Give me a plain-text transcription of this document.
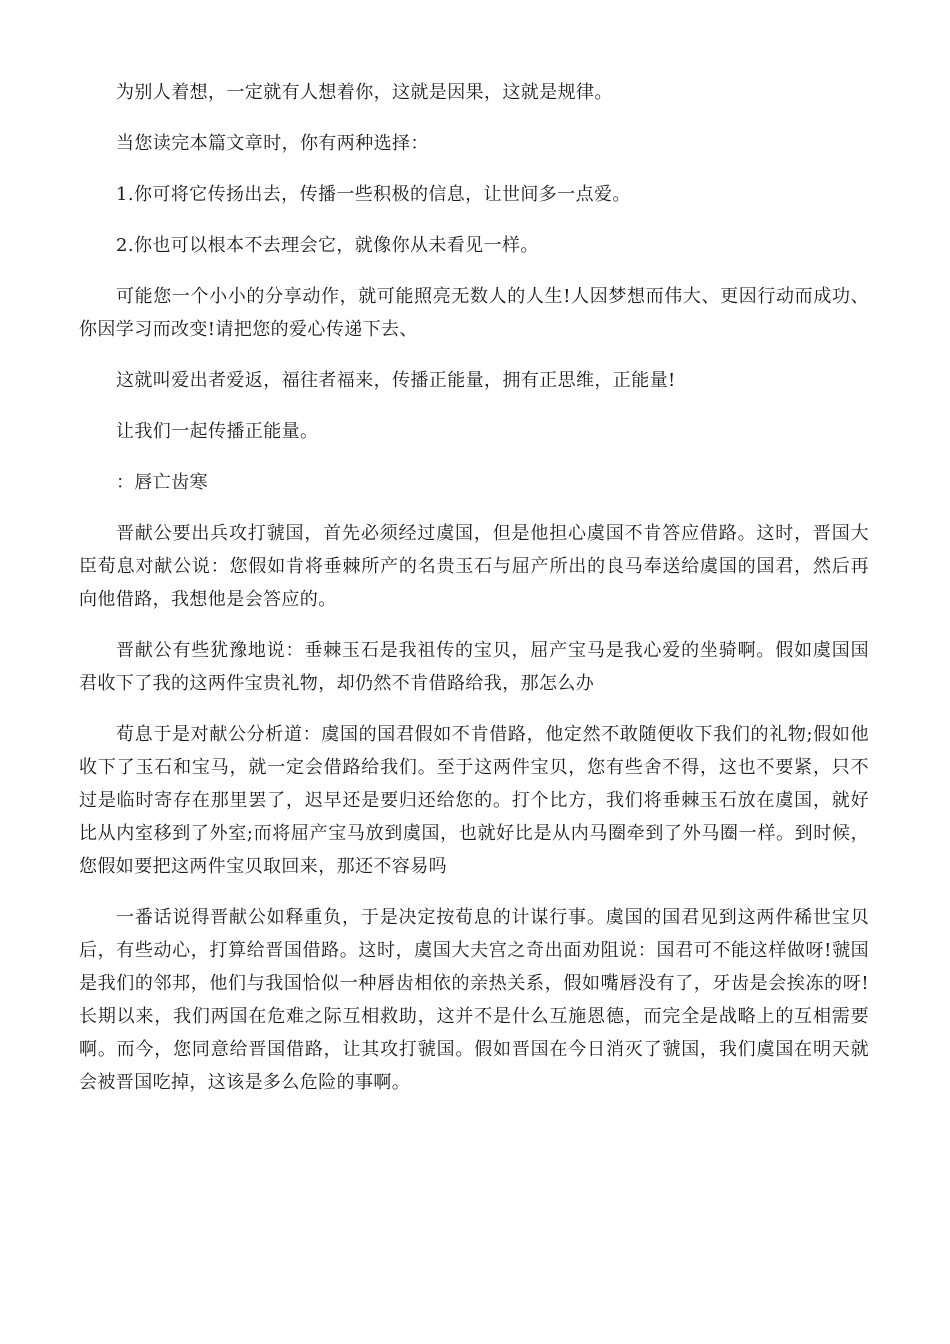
为别人着想，一定就有人想着你，这就是因果，这就是规律。

当您读完本篇文章时，你有两种选择：

1.你可将它传扬出去，传播一些积极的信息，让世间多一点爱。

2.你也可以根本不去理会它，就像你从未看见一样。

可能您一个小小的分享动作，就可能照亮无数人的人生!人因梦想而伟大、更因行动而成功、你因学习而改变!请把您的爱心传递下去、

这就叫爱出者爱返，福往者福来，传播正能量，拥有正思维，正能量!

让我们一起传播正能量。

：唇亡齿寒

晋献公要出兵攻打虢国，首先必须经过虞国，但是他担心虞国不肯答应借路。这时，晋国大臣荀息对献公说：您假如肯将垂棘所产的名贵玉石与屈产所出的良马奉送给虞国的国君，然后再向他借路，我想他是会答应的。

晋献公有些犹豫地说：垂棘玉石是我祖传的宝贝，屈产宝马是我心爱的坐骑啊。假如虞国国君收下了我的这两件宝贵礼物，却仍然不肯借路给我，那怎么办

荀息于是对献公分析道：虞国的国君假如不肯借路，他定然不敢随便收下我们的礼物;假如他收下了玉石和宝马，就一定会借路给我们。至于这两件宝贝，您有些舍不得，这也不要紧，只不过是临时寄存在那里罢了，迟早还是要归还给您的。打个比方，我们将垂棘玉石放在虞国，就好比从内室移到了外室;而将屈产宝马放到虞国，也就好比是从内马圈牵到了外马圈一样。到时候，您假如要把这两件宝贝取回来，那还不容易吗

一番话说得晋献公如释重负，于是决定按荀息的计谋行事。虞国的国君见到这两件稀世宝贝后，有些动心，打算给晋国借路。这时，虞国大夫宫之奇出面劝阻说：国君可不能这样做呀!虢国是我们的邻邦，他们与我国恰似一种唇齿相依的亲热关系，假如嘴唇没有了，牙齿是会挨冻的呀!长期以来，我们两国在危难之际互相救助，这并不是什么互施恩德，而完全是战略上的互相需要啊。而今，您同意给晋国借路，让其攻打虢国。假如晋国在今日消灭了虢国，我们虞国在明天就会被晋国吃掉，这该是多么危险的事啊。
